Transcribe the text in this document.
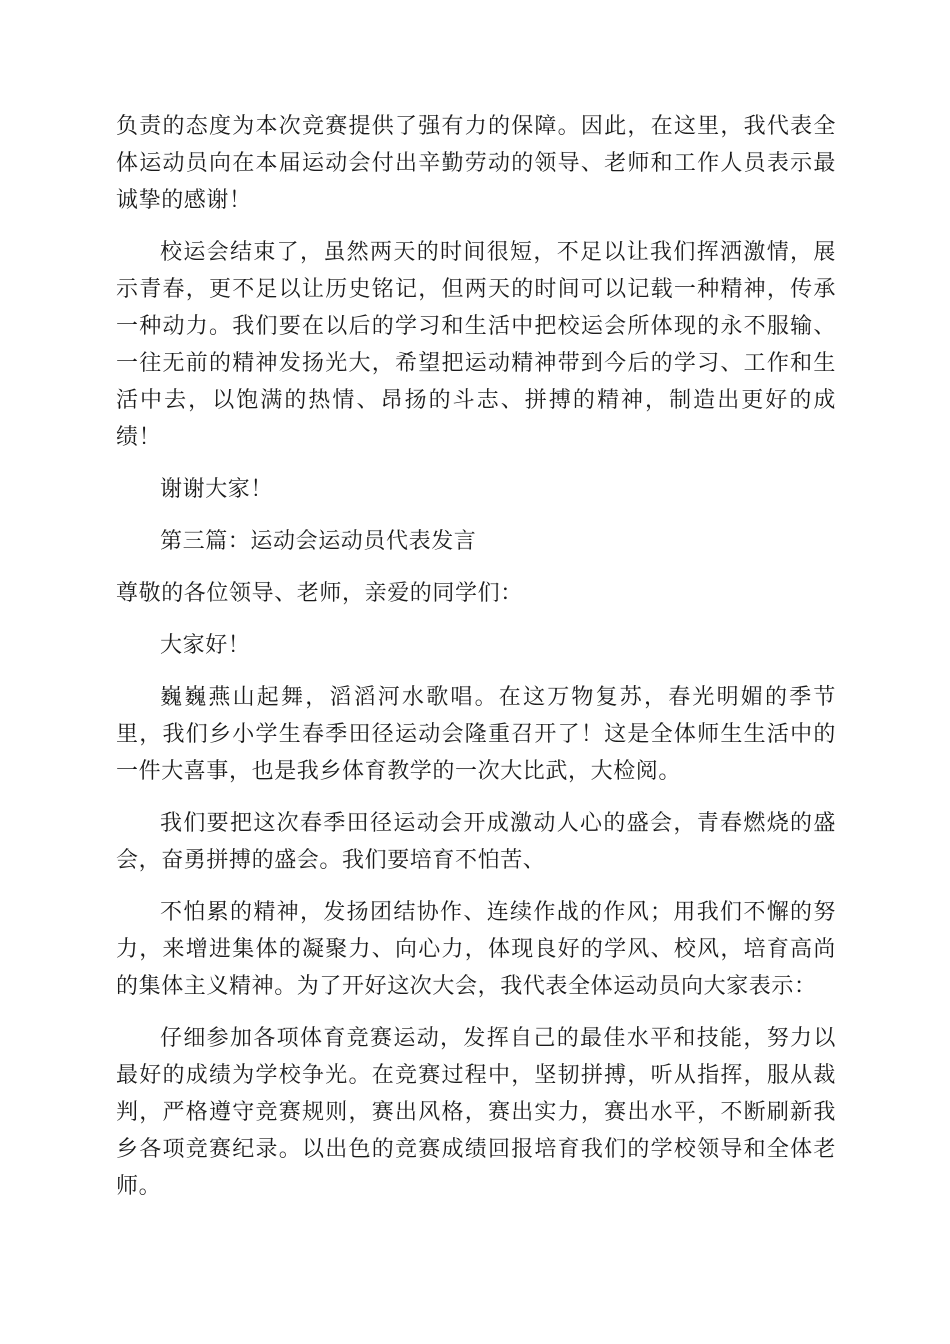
负责的态度为本次竞赛提供了强有力的保障。因此，在这里，我代表全体运动员向在本届运动会付出辛勤劳动的领导、老师和工作人员表示最诚挚的感谢！

校运会结束了，虽然两天的时间很短，不足以让我们挥洒激情，展示青春，更不足以让历史铭记，但两天的时间可以记载一种精神，传承一种动力。我们要在以后的学习和生活中把校运会所体现的永不服输、一往无前的精神发扬光大，希望把运动精神带到今后的学习、工作和生活中去，以饱满的热情、昂扬的斗志、拼搏的精神，制造出更好的成绩！

谢谢大家！

第三篇：运动会运动员代表发言

尊敬的各位领导、老师，亲爱的同学们：

大家好！

巍巍燕山起舞，滔滔河水歌唱。在这万物复苏，春光明媚的季节里，我们乡小学生春季田径运动会隆重召开了！这是全体师生生活中的一件大喜事，也是我乡体育教学的一次大比武，大检阅。

我们要把这次春季田径运动会开成激动人心的盛会，青春燃烧的盛会，奋勇拼搏的盛会。我们要培育不怕苦、

不怕累的精神，发扬团结协作、连续作战的作风；用我们不懈的努力，来增进集体的凝聚力、向心力，体现良好的学风、校风，培育高尚的集体主义精神。为了开好这次大会，我代表全体运动员向大家表示：

仔细参加各项体育竞赛运动，发挥自己的最佳水平和技能，努力以最好的成绩为学校争光。在竞赛过程中，坚韧拼搏，听从指挥，服从裁判，严格遵守竞赛规则，赛出风格，赛出实力，赛出水平，不断刷新我乡各项竞赛纪录。以出色的竞赛成绩回报培育我们的学校领导和全体老师。
